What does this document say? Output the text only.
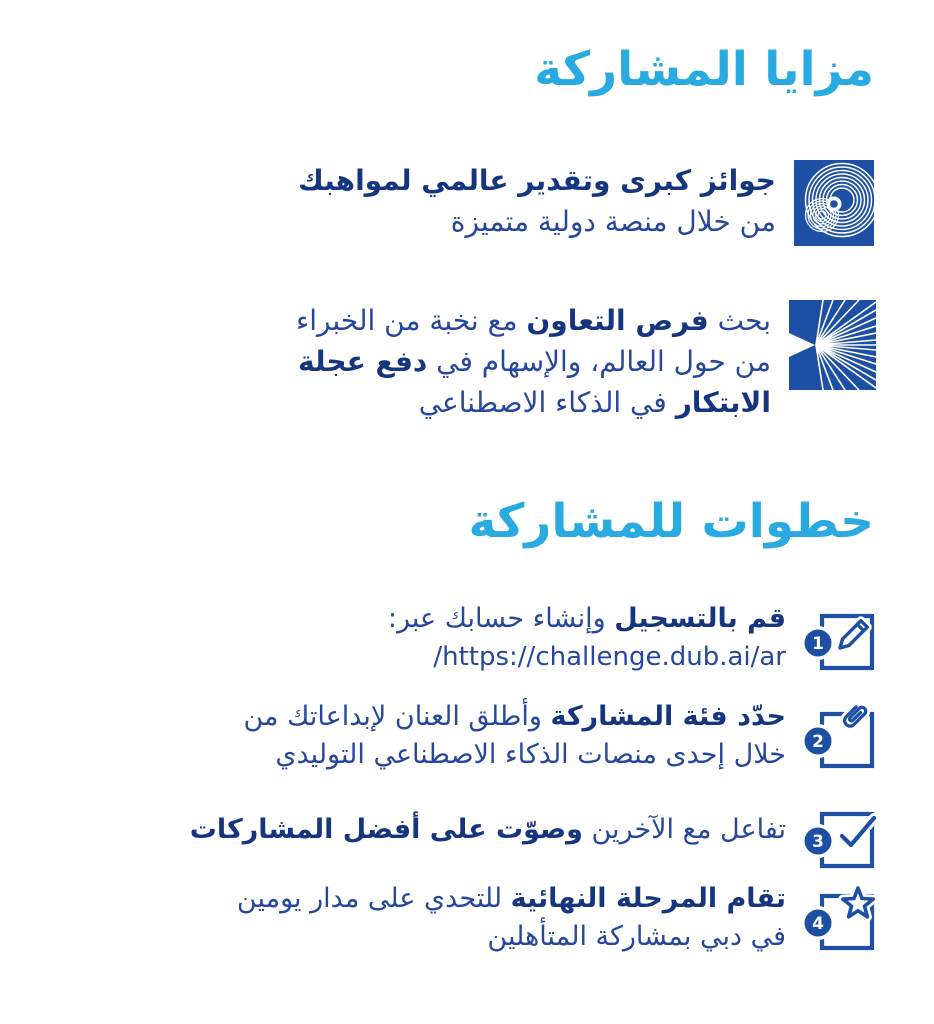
مزايا المشاركة
جوائز كبرى وتقدير عالمي لمواهبك
من خلال منصة دولية متميزة
بحث فرص التعاون مع نخبة من الخبراء
من حول العالم، والإسهام في دفع عجلة
الابتكار في الذكاء الاصطناعي
خطوات للمشاركة
1
قم بالتسجيل وإنشاء حسابك عبر:
/https://challenge.dub.ai/ar
2
حدّد فئة المشاركة وأطلق العنان لإبداعاتك من
خلال إحدى منصات الذكاء الاصطناعي التوليدي
3
تفاعل مع الآخرين وصوّت على أفضل المشاركات
4
تقام المرحلة النهائية للتحدي على مدار يومين
في دبي بمشاركة المتأهلين
